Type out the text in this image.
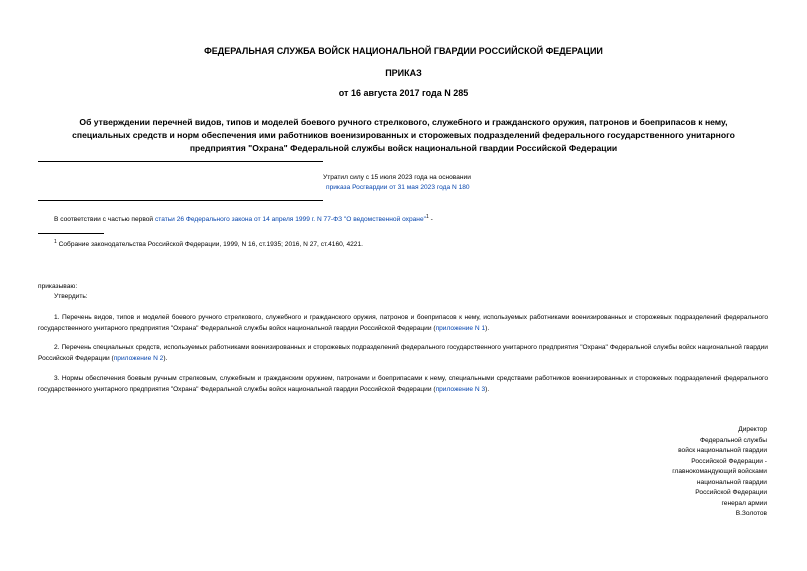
ФЕДЕРАЛЬНАЯ СЛУЖБА ВОЙСК НАЦИОНАЛЬНОЙ ГВАРДИИ РОССИЙСКОЙ ФЕДЕРАЦИИ
ПРИКАЗ
от 16 августа 2017 года N 285
Об утверждении перечней видов, типов и моделей боевого ручного стрелкового, служебного и гражданского оружия, патронов и боеприпасов к нему, специальных средств и норм обеспечения ими работников военизированных и сторожевых подразделений федерального государственного унитарного предприятия "Охрана" Федеральной службы войск национальной гвардии Российской Федерации
Утратил силу с 15 июля 2023 года на основании
приказа Росгвардии от 31 мая 2023 года N 180
В соответствии с частью первой статьи 26 Федерального закона от 14 апреля 1999 г. N 77-ФЗ "О ведомственной охране"$^1$ -
$^1$ Собрание законодательства Российской Федерации, 1999, N 16, ст.1935; 2016, N 27, ст.4160, 4221.
приказываю:
Утвердить:
1. Перечень видов, типов и моделей боевого ручного стрелкового, служебного и гражданского оружия, патронов и боеприпасов к нему, используемых работниками военизированных и сторожевых подразделений федерального государственного унитарного предприятия "Охрана" Федеральной службы войск национальной гвардии Российской Федерации (приложение N 1).
2. Перечень специальных средств, используемых работниками военизированных и сторожевых подразделений федерального государственного унитарного предприятия "Охрана" Федеральной службы войск национальной гвардии Российской Федерации (приложение N 2).
3. Нормы обеспечения боевым ручным стрелковым, служебным и гражданским оружием, патронами и боеприпасами к нему, специальными средствами работников военизированных и сторожевых подразделений федерального государственного унитарного предприятия "Охрана" Федеральной службы войск национальной гвардии Российской Федерации (приложение N 3).
Директор
Федеральной службы
войск национальной гвардии
Российской Федерации -
главнокомандующий войсками
национальной гвардии
Российской Федерации
генерал армии
В.Золотов
